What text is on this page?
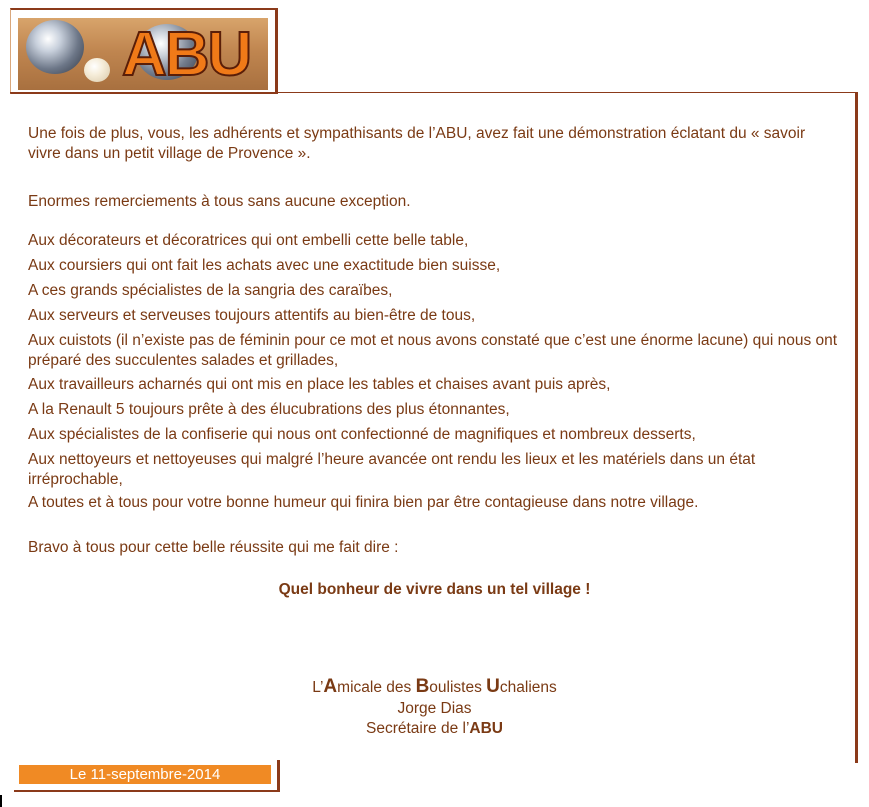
ABU

Une fois de plus, vous, les adhérents et sympathisants de l’ABU, avez fait une démonstration éclatant du « savoir vivre dans un petit village de Provence ».

Enormes remerciements à tous sans aucune exception.

Aux décorateurs et décoratrices qui ont embelli cette belle table,

Aux coursiers qui ont fait les achats avec une exactitude bien suisse,

A ces grands spécialistes de la sangria des caraïbes,

Aux serveurs et serveuses toujours attentifs au bien-être de tous,

Aux cuistots (il n’existe pas de féminin pour ce mot et nous avons constaté que c’est une énorme lacune) qui nous ont préparé des succulentes salades et grillades,

Aux travailleurs acharnés qui ont mis en place les tables et chaises avant puis après,

A la Renault 5 toujours prête à des élucubrations des plus étonnantes,

Aux spécialistes de la confiserie qui nous ont confectionné de magnifiques et nombreux desserts,

Aux nettoyeurs et nettoyeuses qui malgré l’heure avancée ont rendu les lieux et les matériels dans un état irréprochable,

A toutes et à tous pour votre bonne humeur qui finira bien par être contagieuse dans notre village.

Bravo à tous pour cette belle réussite qui me fait dire :

Quel bonheur de vivre dans un tel village !
L’Amicale des Boulistes Uchaliens
Jorge Dias
Secrétaire de l’ABU
Le 11-septembre-2014
